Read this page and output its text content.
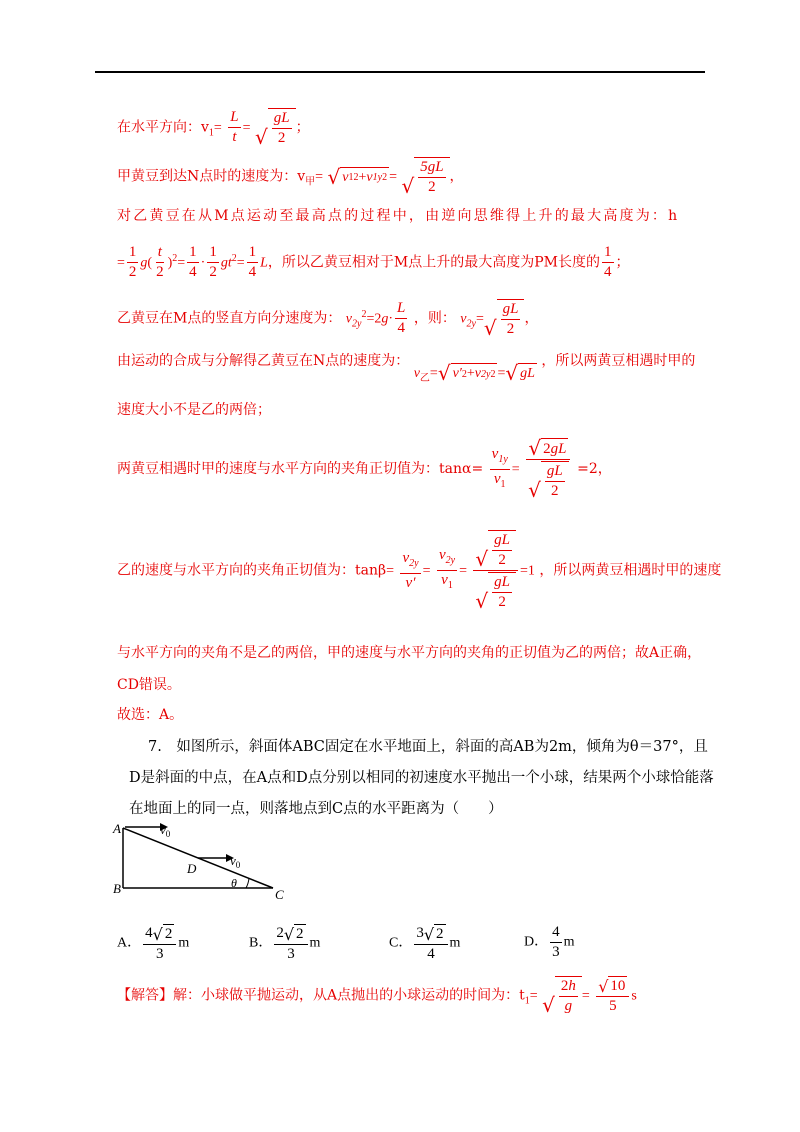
在水平方向：$v_1= \frac{L}{t}$ = √ $\frac{gL}{2}$ ；
甲黄豆到达N点时的速度为：$v_甲=$ √ v 1 2 + v 1y 2 = √ $\frac{5gL}{2}$ ，
对乙黄豆在从M点运动至最高点的过程中，由逆向思维得上升的最大高度为：h
= $\frac{1}{2} g( \frac{t}{2} )^2= \frac{1}{4} \cdot \frac{1}{2} gt^2= \frac{1}{4}$ L，所以乙黄豆相对于M点上升的最大高度为PM长度的 $\frac{1}{4}$ ；
乙黄豆在M点的竖直方向分速度为： $v_{2y}^2=2g\cdot \frac{L}{4}$ ，则： $v_{2y}=$ √ $\frac{gL}{2}$ ，
由运动的合成与分解得乙黄豆在N点的速度为： $v_乙=$ √ v′ 2 + v 2y 2 = √ gL
，所以两黄豆相遇时甲的
速度大小不是乙的两倍；
两黄豆相遇时甲的速度与水平方向的夹角正切值为：$\tan\alpha= \frac{v_{1y}}{v_1} = \frac{√ 2 gL}{√ \frac{gL}{2}} =2$，
乙的速度与水平方向的夹角正切值为：$\tan\beta= \frac{v_{2y}}{v'} = \frac{v_{2y}}{v_1} = \frac{√ \frac{gL}{2}}{√ \frac{gL}{2}} =1$ ，所以两黄豆相遇时甲的速度
与水平方向的夹角不是乙的两倍，甲的速度与水平方向的夹角的正切值为乙的两倍；故A正确，
CD错误。
故选：A。
7.  如图所示，斜面体ABC固定在水平地面上，斜面的高AB为2m，倾角为θ＝37°，且
D是斜面的中点，在A点和D点分别以相同的初速度水平抛出一个小球，结果两个小球恰能落
在地面上的同一点，则落地点到C点的水平距离为（　　）
A
B	C
D
θ
$v_0$
$v_0$
A． $\frac{4 √ 2}{3}$ m	B． $\frac{2 √ 2}{3}$ m	C． $\frac{3 √ 2}{4}$ m	D． $\frac{4}{3}$ m
【解答】解：小球做平抛运动，从A点抛出的小球运动的时间为：$t_1=$ √ $\frac{2h}{g} = \frac{√ 10}{5}$ s
